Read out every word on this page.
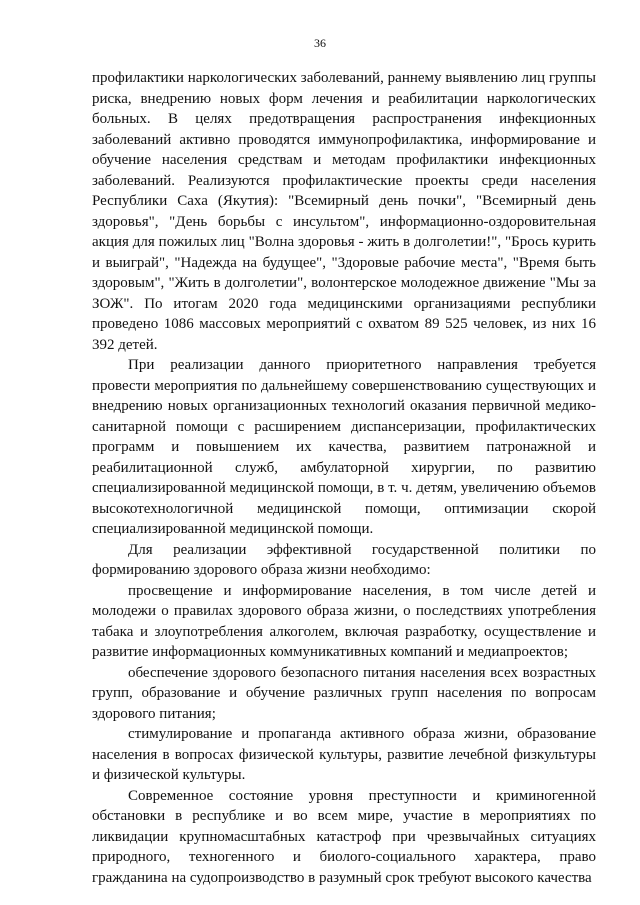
36

профилактики наркологических заболеваний, раннему выявлению лиц группы риска, внедрению новых форм лечения и реабилитации наркологических больных. В целях предотвращения распространения инфекционных заболеваний активно проводятся иммунопрофилактика, информирование и обучение населения средствам и методам профилактики инфекционных заболеваний. Реализуются профилактические проекты среди населения Республики Саха (Якутия): "Всемирный день почки", "Всемирный день здоровья", "День борьбы с инсультом", информационно-оздоровительная акция для пожилых лиц "Волна здоровья - жить в долголетии!", "Брось курить и выиграй", "Надежда на будущее", "Здоровые рабочие места", "Время быть здоровым", "Жить в долголетии", волонтерское молодежное движение "Мы за ЗОЖ". По итогам 2020 года медицинскими организациями республики проведено 1086 массовых мероприятий с охватом 89 525 человек, из них 16 392 детей.

При реализации данного приоритетного направления требуется провести мероприятия по дальнейшему совершенствованию существующих и внедрению новых организационных технологий оказания первичной медико-санитарной помощи с расширением диспансеризации, профилактических программ и повышением их качества, развитием патронажной и реабилитационной служб, амбулаторной хирургии, по развитию специализированной медицинской помощи, в т. ч. детям, увеличению объемов высокотехнологичной медицинской помощи, оптимизации скорой специализированной медицинской помощи.

Для реализации эффективной государственной политики по формированию здорового образа жизни необходимо:

просвещение и информирование населения, в том числе детей и молодежи о правилах здорового образа жизни, о последствиях употребления табака и злоупотребления алкоголем, включая разработку, осуществление и развитие информационных коммуникативных компаний и медиапроектов;

обеспечение здорового безопасного питания населения всех возрастных групп, образование и обучение различных групп населения по вопросам здорового питания;

стимулирование и пропаганда активного образа жизни, образование населения в вопросах физической культуры, развитие лечебной физкультуры и физической культуры.

Современное состояние уровня преступности и криминогенной обстановки в республике и во всем мире, участие в мероприятиях по ликвидации крупномасштабных катастроф при чрезвычайных ситуациях природного, техногенного и биолого-социального характера, право гражданина на судопроизводство в разумный срок требуют высокого качества
